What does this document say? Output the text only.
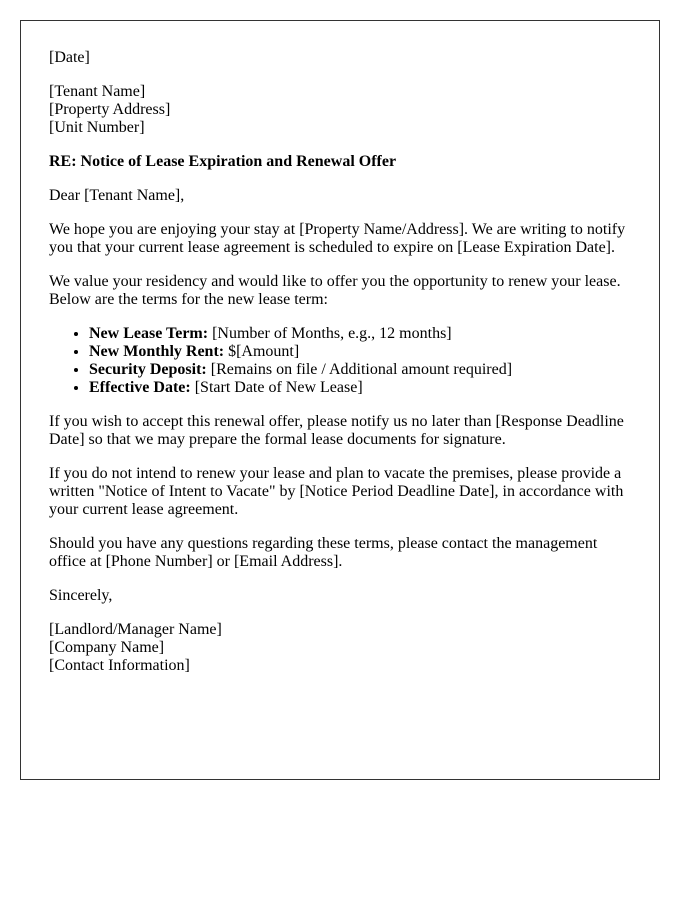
[Date]

[Tenant Name]
[Property Address]
[Unit Number]

RE: Notice of Lease Expiration and Renewal Offer

Dear [Tenant Name],

We hope you are enjoying your stay at [Property Name/Address]. We are writing to notify you that your current lease agreement is scheduled to expire on [Lease Expiration Date].

We value your residency and would like to offer you the opportunity to renew your lease. Below are the terms for the new lease term:

• New Lease Term: [Number of Months, e.g., 12 months]
• New Monthly Rent: $[Amount]
• Security Deposit: [Remains on file / Additional amount required]
• Effective Date: [Start Date of New Lease]

If you wish to accept this renewal offer, please notify us no later than [Response Deadline Date] so that we may prepare the formal lease documents for signature.

If you do not intend to renew your lease and plan to vacate the premises, please provide a written "Notice of Intent to Vacate" by [Notice Period Deadline Date], in accordance with your current lease agreement.

Should you have any questions regarding these terms, please contact the management office at [Phone Number] or [Email Address].

Sincerely,

[Landlord/Manager Name]
[Company Name]
[Contact Information]
